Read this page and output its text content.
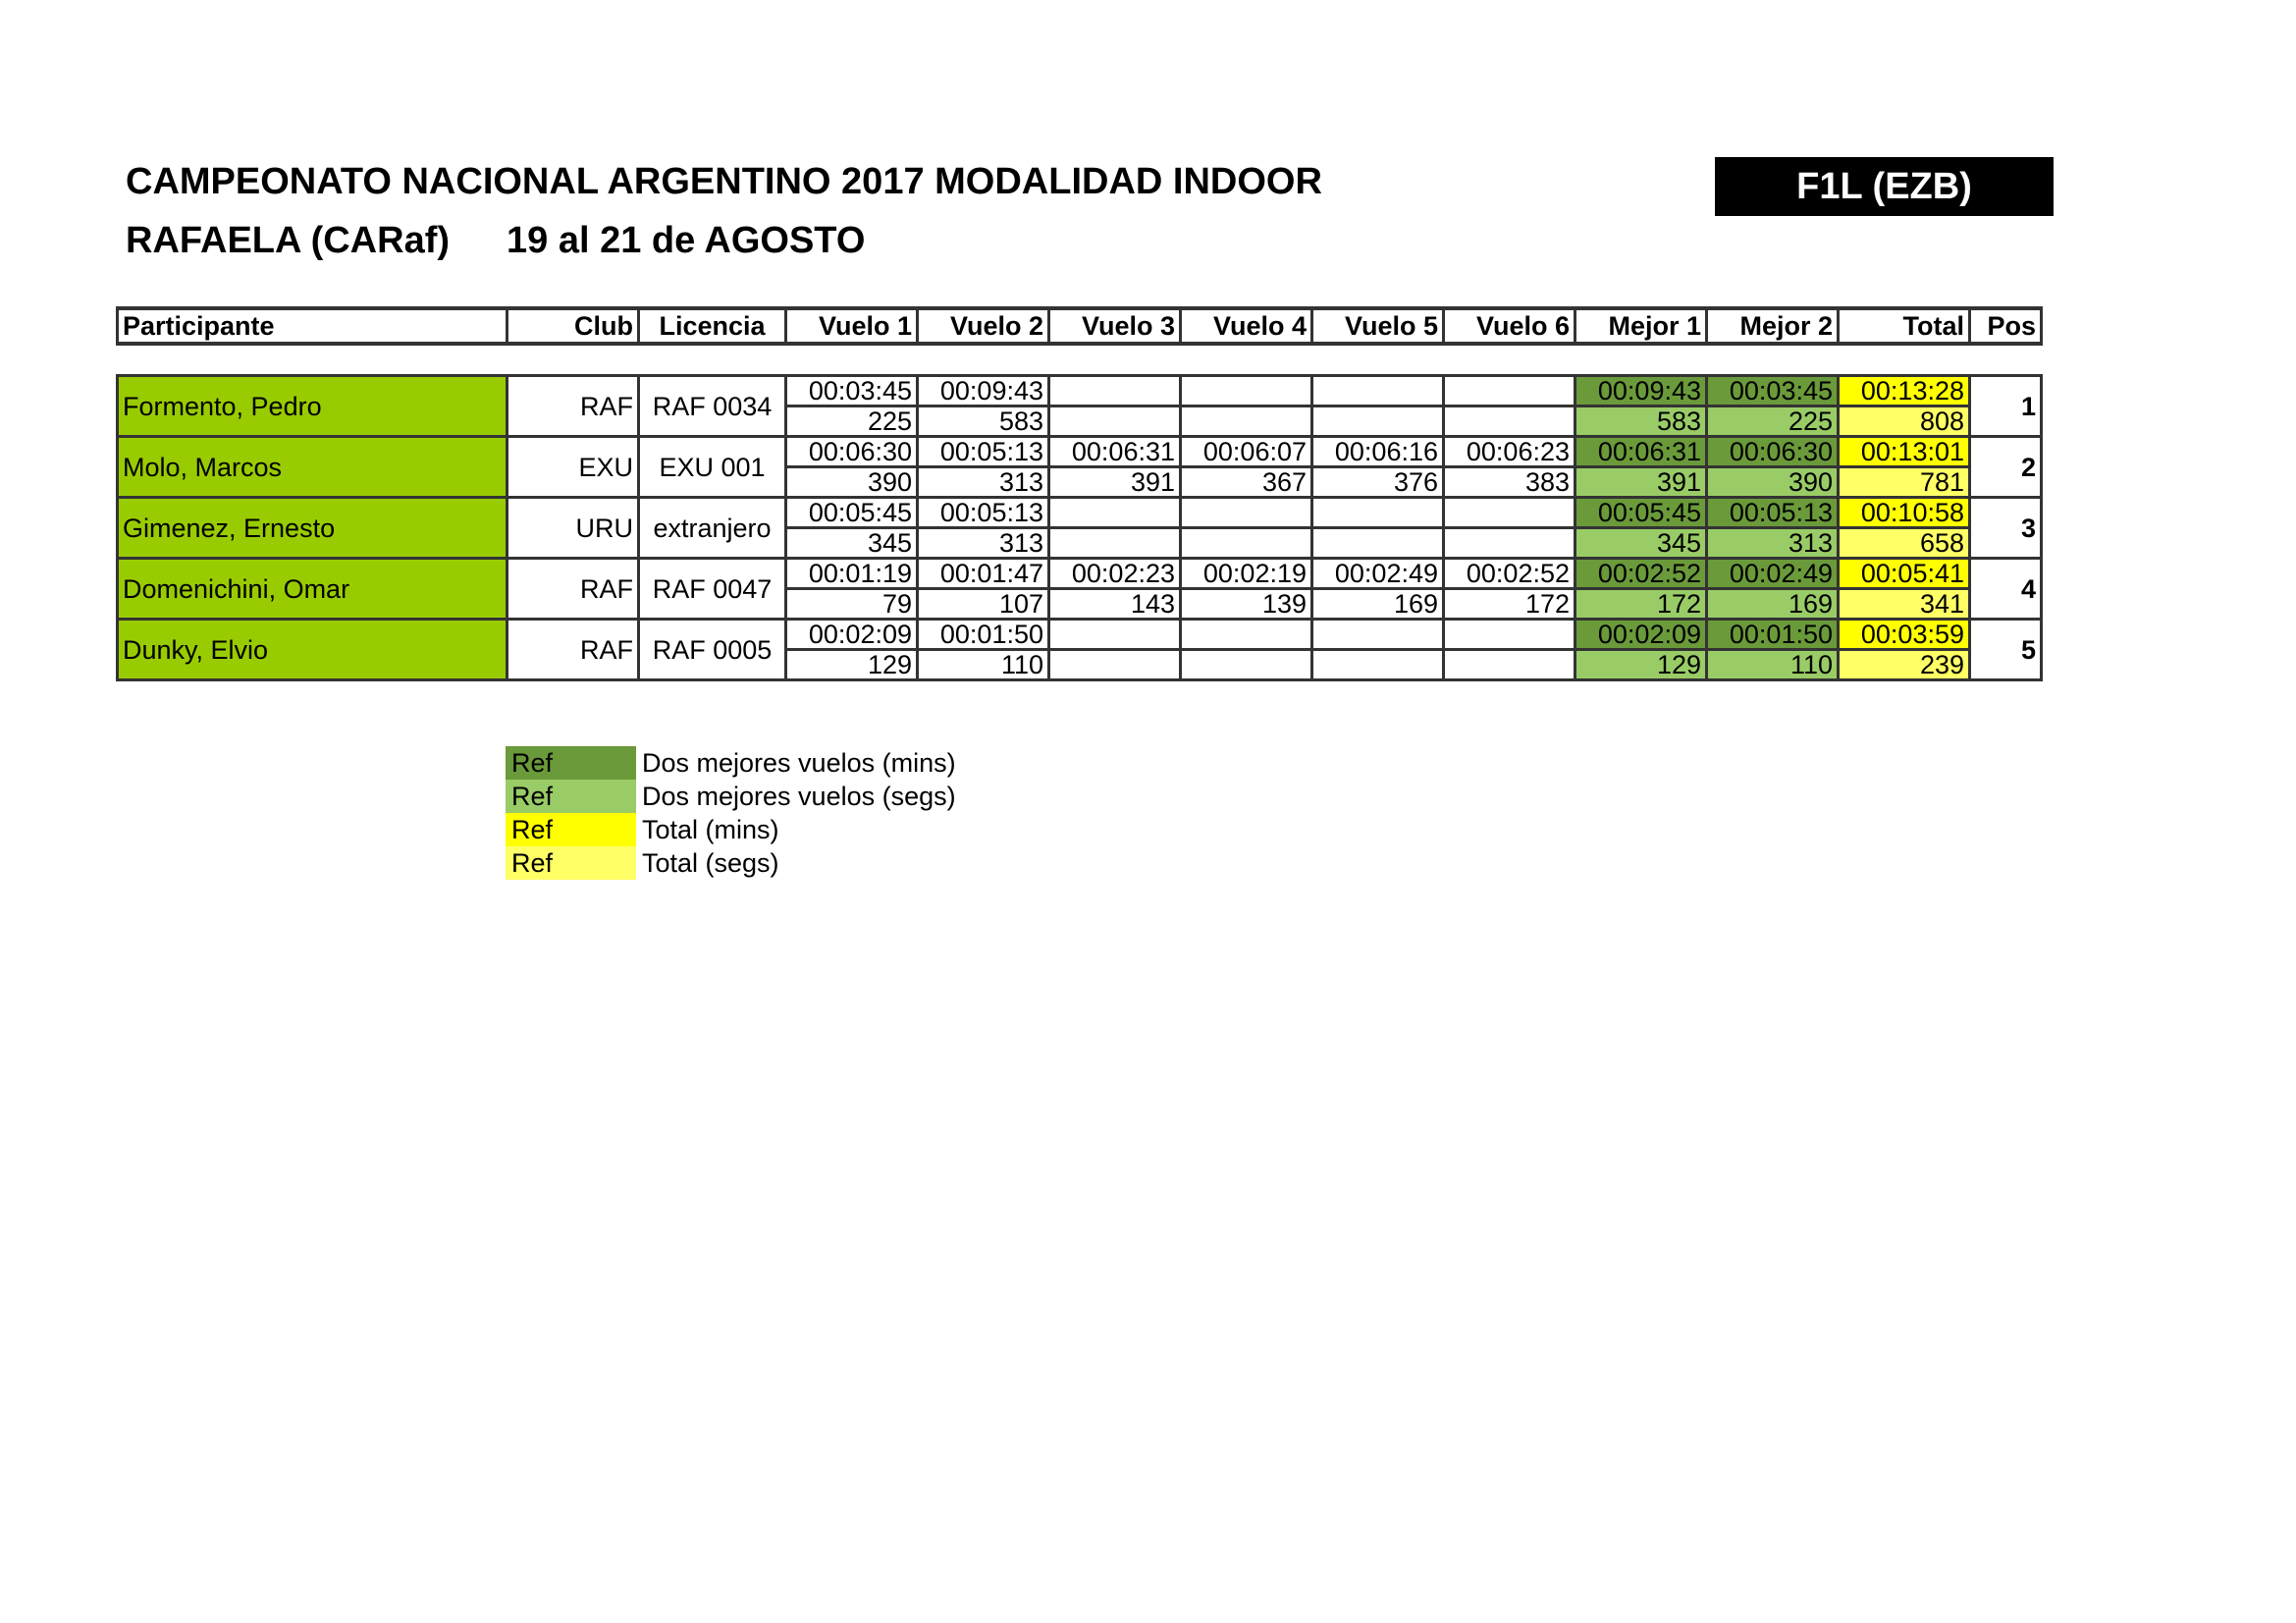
CAMPEONATO NACIONAL ARGENTINO 2017 MODALIDAD INDOOR
RAFAELA (CARaf) 19 al 21 de AGOSTO
F1L (EZB)
Participante	Club	Licencia	Vuelo 1	Vuelo 2	Vuelo 3	Vuelo 4	Vuelo 5	Vuelo 6	Mejor 1	Mejor 2	Total	Pos
Formento, Pedro	RAF	RAF 0034	00:03:45	00:09:43					00:09:43	00:03:45	00:13:28	1
			225	583					583	225	808	
Molo, Marcos	EXU	EXU 001	00:06:30	00:05:13	00:06:31	00:06:07	00:06:16	00:06:23	00:06:31	00:06:30	00:13:01	2
			390	313	391	367	376	383	391	390	781	
Gimenez, Ernesto	URU	extranjero	00:05:45	00:05:13					00:05:45	00:05:13	00:10:58	3
			345	313					345	313	658	
Domenichini, Omar	RAF	RAF 0047	00:01:19	00:01:47	00:02:23	00:02:19	00:02:49	00:02:52	00:02:52	00:02:49	00:05:41	4
			79	107	143	139	169	172	172	169	341	
Dunky, Elvio	RAF	RAF 0005	00:02:09	00:01:50					00:02:09	00:01:50	00:03:59	5
			129	110					129	110	239	
Ref	Dos mejores vuelos (mins)
Ref	Dos mejores vuelos (segs)
Ref	Total (mins)
Ref	Total (segs)
